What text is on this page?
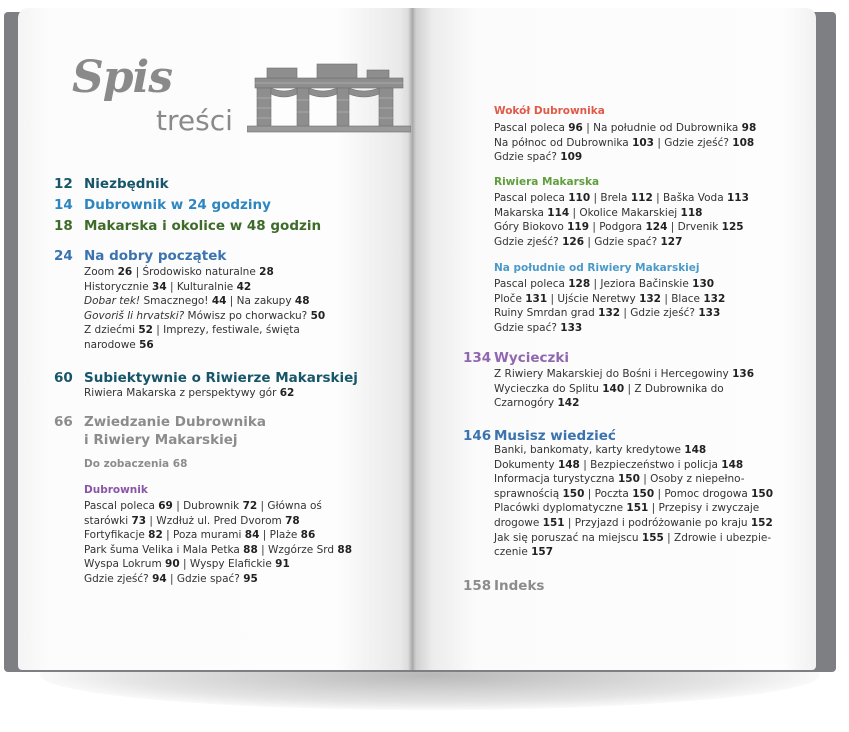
Spis
treści
12 Niezbędnik
14 Dubrownik w 24 godziny
18 Makarska i okolice w 48 godzin
24 Na dobry początek
60 Subiektywnie o Riwierze Makarskiej
66 Zwiedzanie Dubrownika
i Riwiery Makarskiej
Do zobaczenia 68
Dubrownik
Wokół Dubrownika
Riwiera Makarska
Na południe od Riwiery Makarskiej
134 Wycieczki
146 Musisz wiedzieć
158 Indeks
Zoom 26 | Środowisko naturalne 28
Historycznie 34 | Kulturalnie 42
Dobar tek! Smacznego! 44 | Na zakupy 48
Govoriš li hrvatski? Mówisz po chorwacku? 50
Z dziećmi 52 | Imprezy, festiwale, święta
narodowe 56
Riwiera Makarska z perspektywy gór 62
Pascal poleca 69 | Dubrownik 72 | Główna oś
starówki 73 | Wzdłuż ul. Pred Dvorom 78
Fortyfikacje 82 | Poza murami 84 | Plaże 86
Park šuma Velika i Mala Petka 88 | Wzgórze Srd 88
Wyspa Lokrum 90 | Wyspy Elafickie 91
Gdzie zjeść? 94 | Gdzie spać? 95
Pascal poleca 96 | Na południe od Dubrownika 98
Na północ od Dubrownika 103 | Gdzie zjeść? 108
Gdzie spać? 109
Pascal poleca 110 | Brela 112 | Baška Voda 113
Makarska 114 | Okolice Makarskiej 118
Góry Biokovo 119 | Podgora 124 | Drvenik 125
Gdzie zjeść? 126 | Gdzie spać? 127
Pascal poleca 128 | Jeziora Bačinskie 130
Ploče 131 | Ujście Neretwy 132 | Blace 132
Ruiny Smrdan grad 132 | Gdzie zjeść? 133
Gdzie spać? 133
Z Riwiery Makarskiej do Bośni i Hercegowiny 136
Wycieczka do Splitu 140 | Z Dubrownika do
Czarnogóry 142
Banki, bankomaty, karty kredytowe 148
Dokumenty 148 | Bezpieczeństwo i policja 148
Informacja turystyczna 150 | Osoby z niepełno-
sprawnością 150 | Poczta 150 | Pomoc drogowa 150
Placówki dyplomatyczne 151 | Przepisy i zwyczaje
drogowe 151 | Przyjazd i podróżowanie po kraju 152
Jak się poruszać na miejscu 155 | Zdrowie i ubezpie-
czenie 157
